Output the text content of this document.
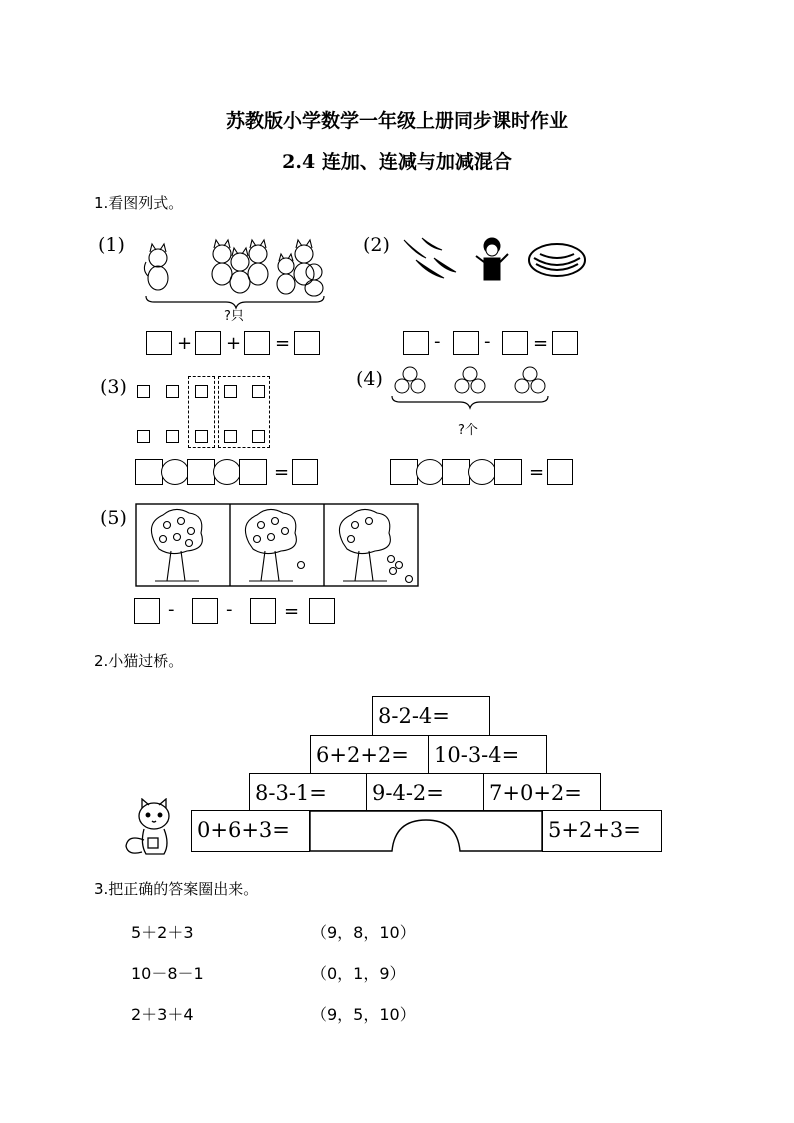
苏教版小学数学一年级上册同步课时作业
2.4 连加、连减与加减混合
1.看图列式。
(1)
?只
+ + =
(2)
- - =
(3)
=
(4)
?个
=
(5)
-	-	=
2.小猫过桥。
8-2-4=
6+2+2=	10-3-4=
8-3-1=	9-4-2=	7+0+2=
0+6+3=	5+2+3=
3.把正确的答案圈出来。
5＋2＋3	（9，8，10）
10－8－1	（0，1，9）
2＋3＋4	（9，5，10）
